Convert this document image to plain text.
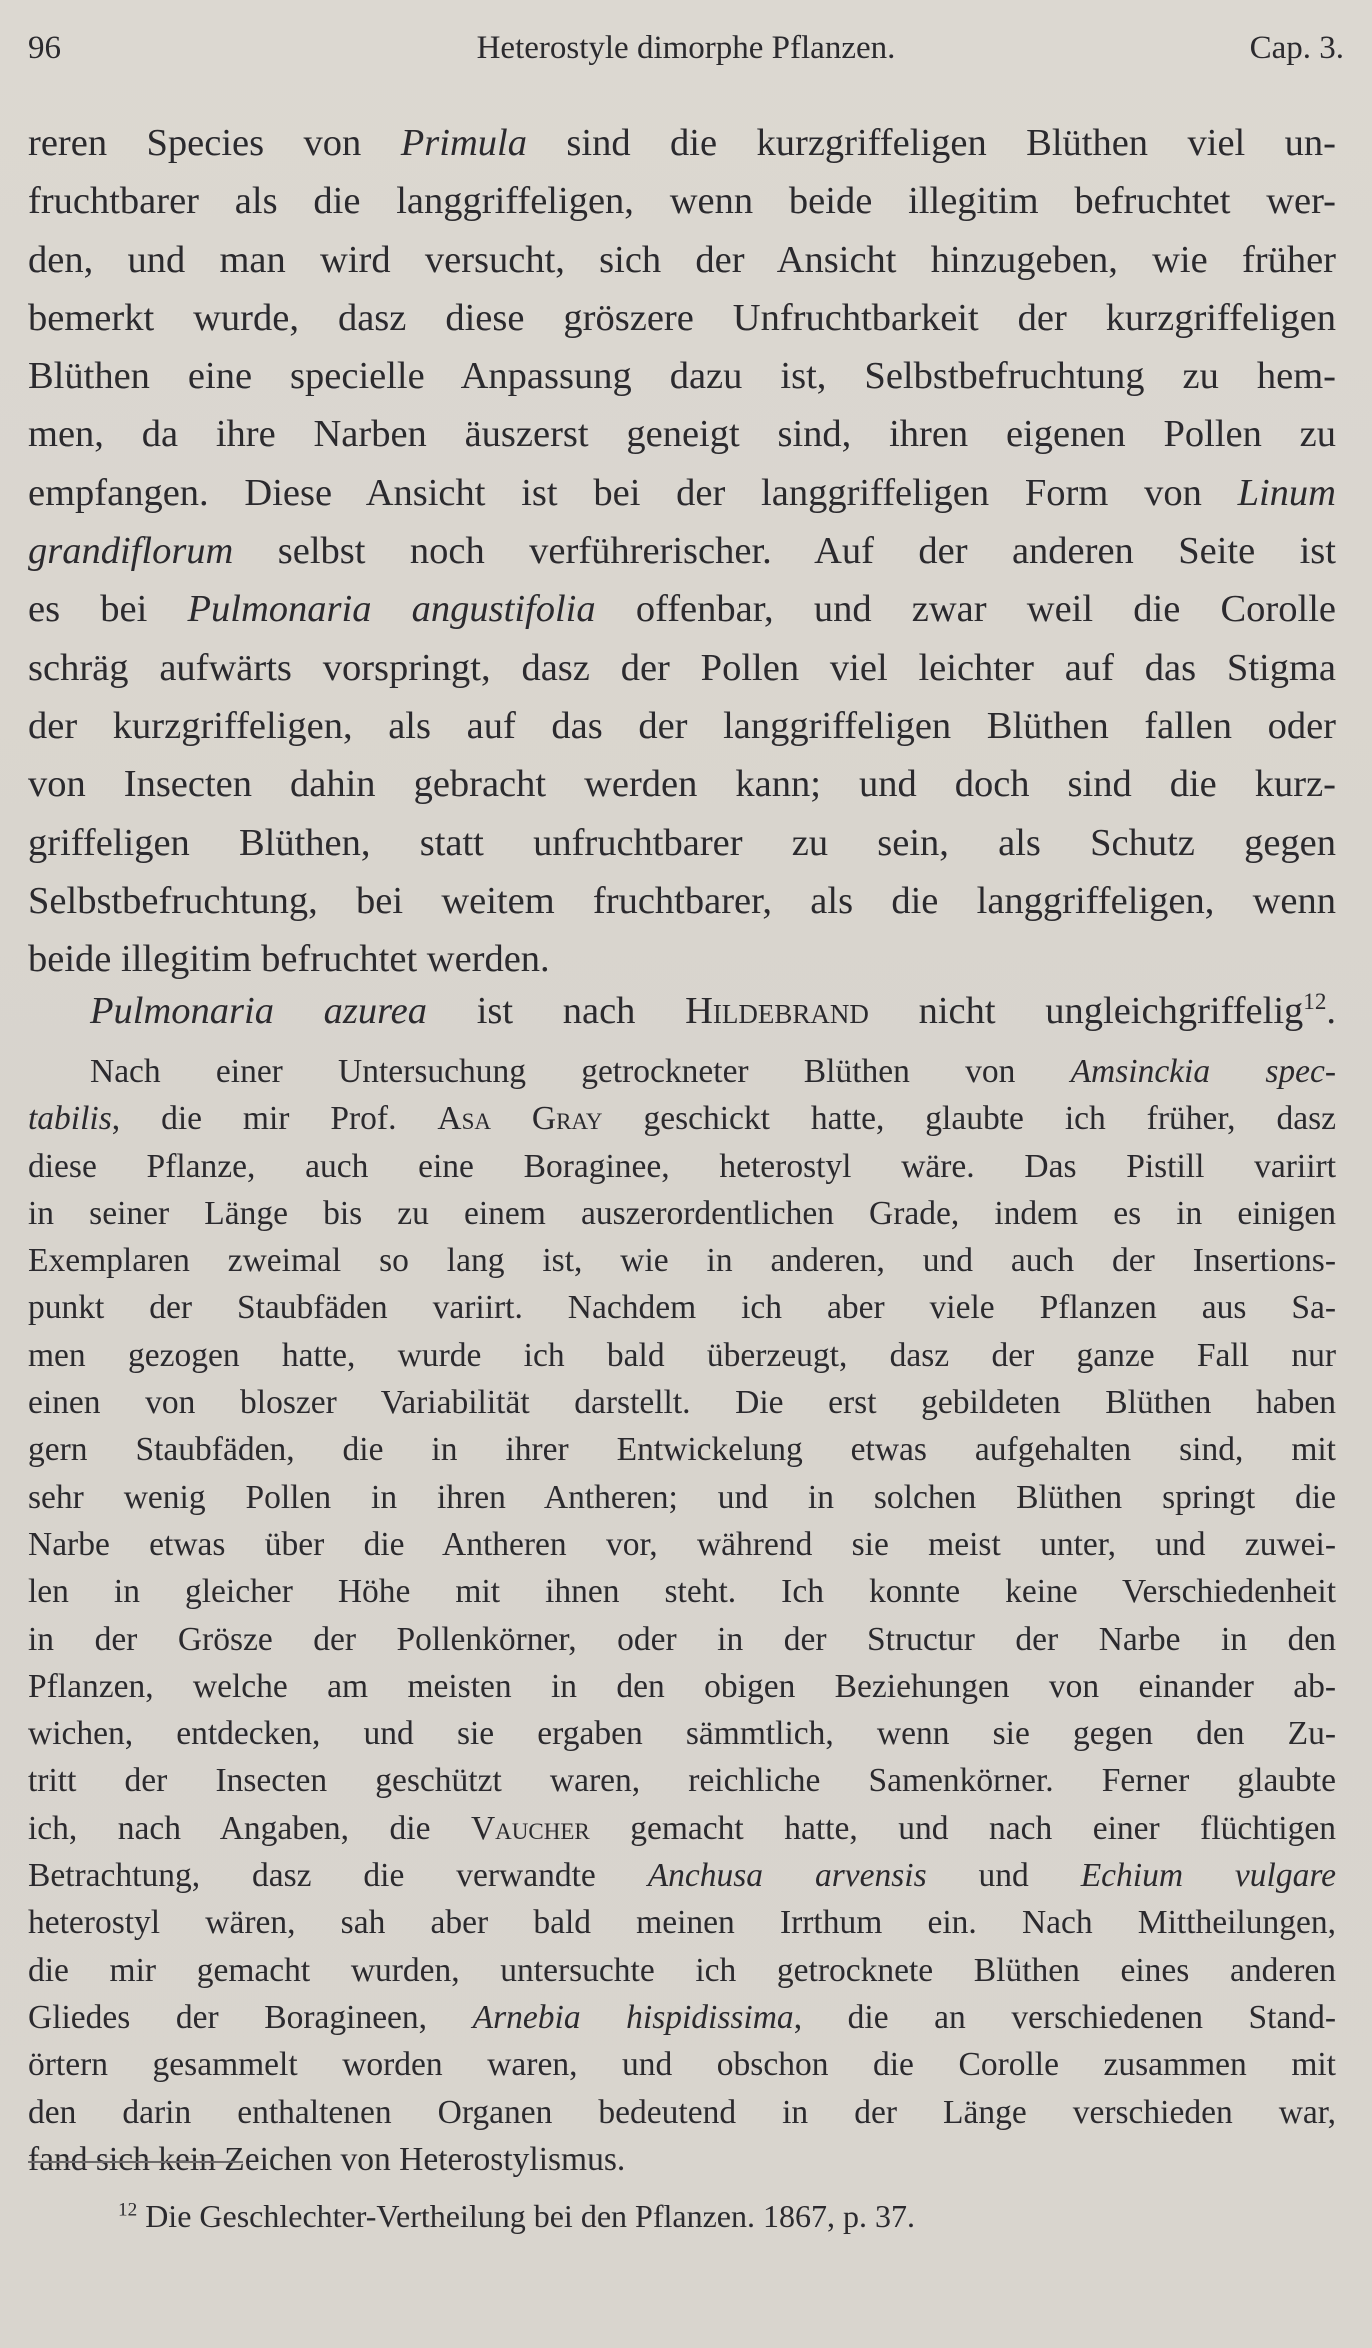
96	Heterostyle dimorphe Pflanzen.	Cap. 3.
reren Species von Primula sind die kurzgriffeligen Blüthen viel un-
fruchtbarer als die langgriffeligen, wenn beide illegitim befruchtet wer-
den, und man wird versucht, sich der Ansicht hinzugeben, wie früher
bemerkt wurde, dasz diese gröszere Unfruchtbarkeit der kurzgriffeligen
Blüthen eine specielle Anpassung dazu ist, Selbstbefruchtung zu hem-
men, da ihre Narben äuszerst geneigt sind, ihren eigenen Pollen zu
empfangen. Diese Ansicht ist bei der langgriffeligen Form von Linum
grandiflorum selbst noch verführerischer. Auf der anderen Seite ist
es bei Pulmonaria angustifolia offenbar, und zwar weil die Corolle
schräg aufwärts vorspringt, dasz der Pollen viel leichter auf das Stigma
der kurzgriffeligen, als auf das der langgriffeligen Blüthen fallen oder
von Insecten dahin gebracht werden kann; und doch sind die kurz-
griffeligen Blüthen, statt unfruchtbarer zu sein, als Schutz gegen
Selbstbefruchtung, bei weitem fruchtbarer, als die langgriffeligen, wenn
beide illegitim befruchtet werden.
Pulmonaria azurea ist nach Hildebrand nicht ungleichgriffelig$^{12}$.
Nach einer Untersuchung getrockneter Blüthen von Amsinckia spec-
tabilis, die mir Prof. Asa Gray geschickt hatte, glaubte ich früher, dasz
diese Pflanze, auch eine Boraginee, heterostyl wäre. Das Pistill variirt
in seiner Länge bis zu einem auszerordentlichen Grade, indem es in einigen
Exemplaren zweimal so lang ist, wie in anderen, und auch der Insertions-
punkt der Staubfäden variirt. Nachdem ich aber viele Pflanzen aus Sa-
men gezogen hatte, wurde ich bald überzeugt, dasz der ganze Fall nur
einen von bloszer Variabilität darstellt. Die erst gebildeten Blüthen haben
gern Staubfäden, die in ihrer Entwickelung etwas aufgehalten sind, mit
sehr wenig Pollen in ihren Antheren; und in solchen Blüthen springt die
Narbe etwas über die Antheren vor, während sie meist unter, und zuwei-
len in gleicher Höhe mit ihnen steht. Ich konnte keine Verschiedenheit
in der Grösze der Pollenkörner, oder in der Structur der Narbe in den
Pflanzen, welche am meisten in den obigen Beziehungen von einander ab-
wichen, entdecken, und sie ergaben sämmtlich, wenn sie gegen den Zu-
tritt der Insecten geschützt waren, reichliche Samenkörner. Ferner glaubte
ich, nach Angaben, die Vaucher gemacht hatte, und nach einer flüchtigen
Betrachtung, dasz die verwandte Anchusa arvensis und Echium vulgare
heterostyl wären, sah aber bald meinen Irrthum ein. Nach Mittheilungen,
die mir gemacht wurden, untersuchte ich getrocknete Blüthen eines anderen
Gliedes der Boragineen, Arnebia hispidissima, die an verschiedenen Stand-
örtern gesammelt worden waren, und obschon die Corolle zusammen mit
den darin enthaltenen Organen bedeutend in der Länge verschieden war,
fand sich kein Zeichen von Heterostylismus.
$^{12}$ Die Geschlechter-Vertheilung bei den Pflanzen. 1867, p. 37.
